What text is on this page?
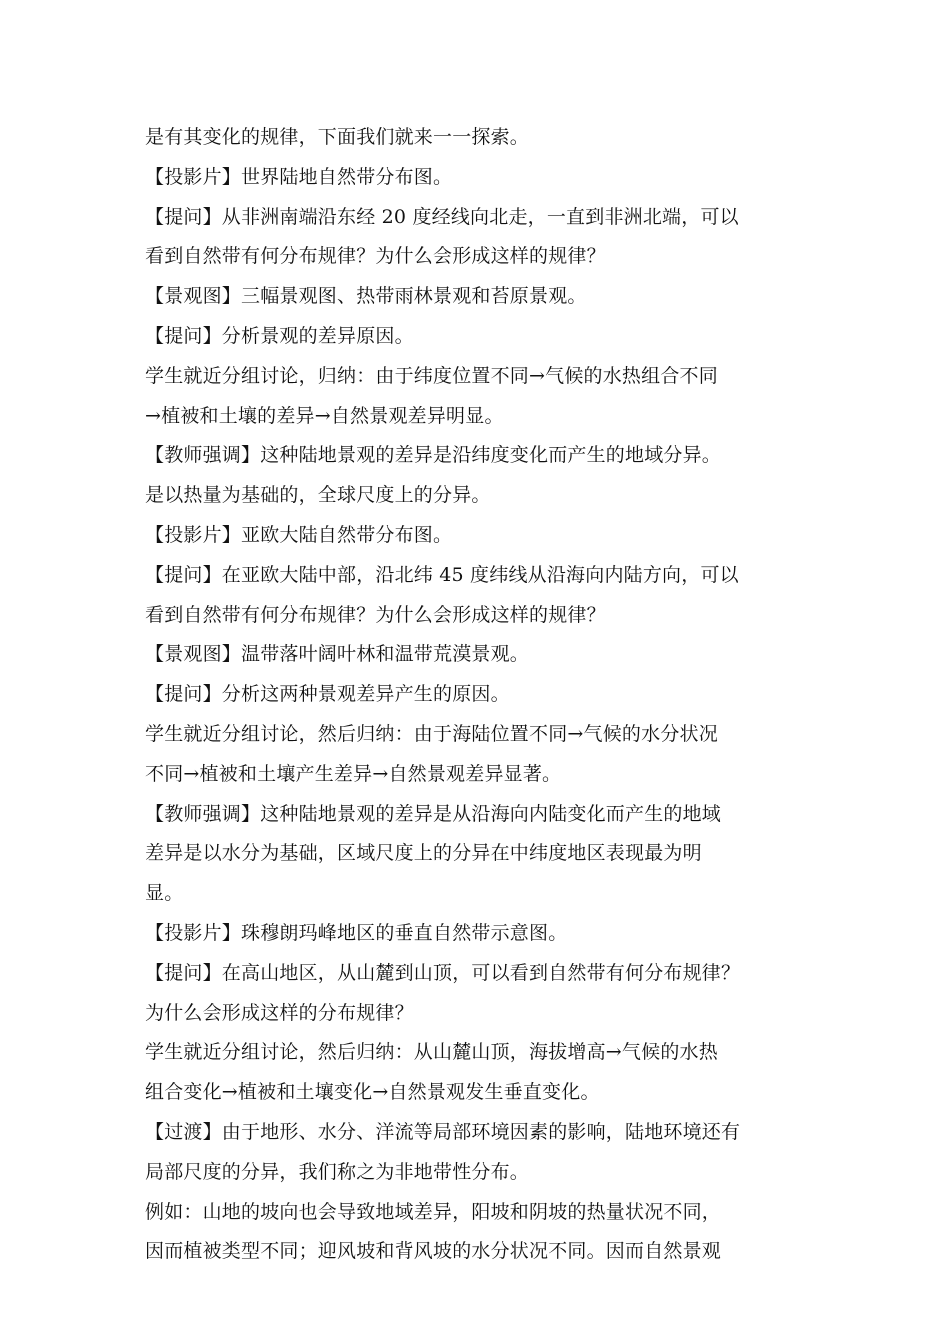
是有其变化的规律，下面我们就来一一探索。
【投影片】世界陆地自然带分布图。
【提问】从非洲南端沿东经 20 度经线向北走，一直到非洲北端，可以
看到自然带有何分布规律？为什么会形成这样的规律？
【景观图】三幅景观图、热带雨林景观和苔原景观。
【提问】分析景观的差异原因。
学生就近分组讨论，归纳：由于纬度位置不同→气候的水热组合不同
→植被和土壤的差异→自然景观差异明显。
【教师强调】这种陆地景观的差异是沿纬度变化而产生的地域分异。
是以热量为基础的，全球尺度上的分异。
【投影片】亚欧大陆自然带分布图。
【提问】在亚欧大陆中部，沿北纬 45 度纬线从沿海向内陆方向，可以
看到自然带有何分布规律？为什么会形成这样的规律？
【景观图】温带落叶阔叶林和温带荒漠景观。
【提问】分析这两种景观差异产生的原因。
学生就近分组讨论，然后归纳：由于海陆位置不同→气候的水分状况
不同→植被和土壤产生差异→自然景观差异显著。
【教师强调】这种陆地景观的差异是从沿海向内陆变化而产生的地域
差异是以水分为基础，区域尺度上的分异在中纬度地区表现最为明
显。
【投影片】珠穆朗玛峰地区的垂直自然带示意图。
【提问】在高山地区，从山麓到山顶，可以看到自然带有何分布规律？
为什么会形成这样的分布规律？
学生就近分组讨论，然后归纳：从山麓山顶，海拔增高→气候的水热
组合变化→植被和土壤变化→自然景观发生垂直变化。
【过渡】由于地形、水分、洋流等局部环境因素的影响，陆地环境还有
局部尺度的分异，我们称之为非地带性分布。
例如：山地的坡向也会导致地域差异，阳坡和阴坡的热量状况不同，
因而植被类型不同；迎风坡和背风坡的水分状况不同。因而自然景观
